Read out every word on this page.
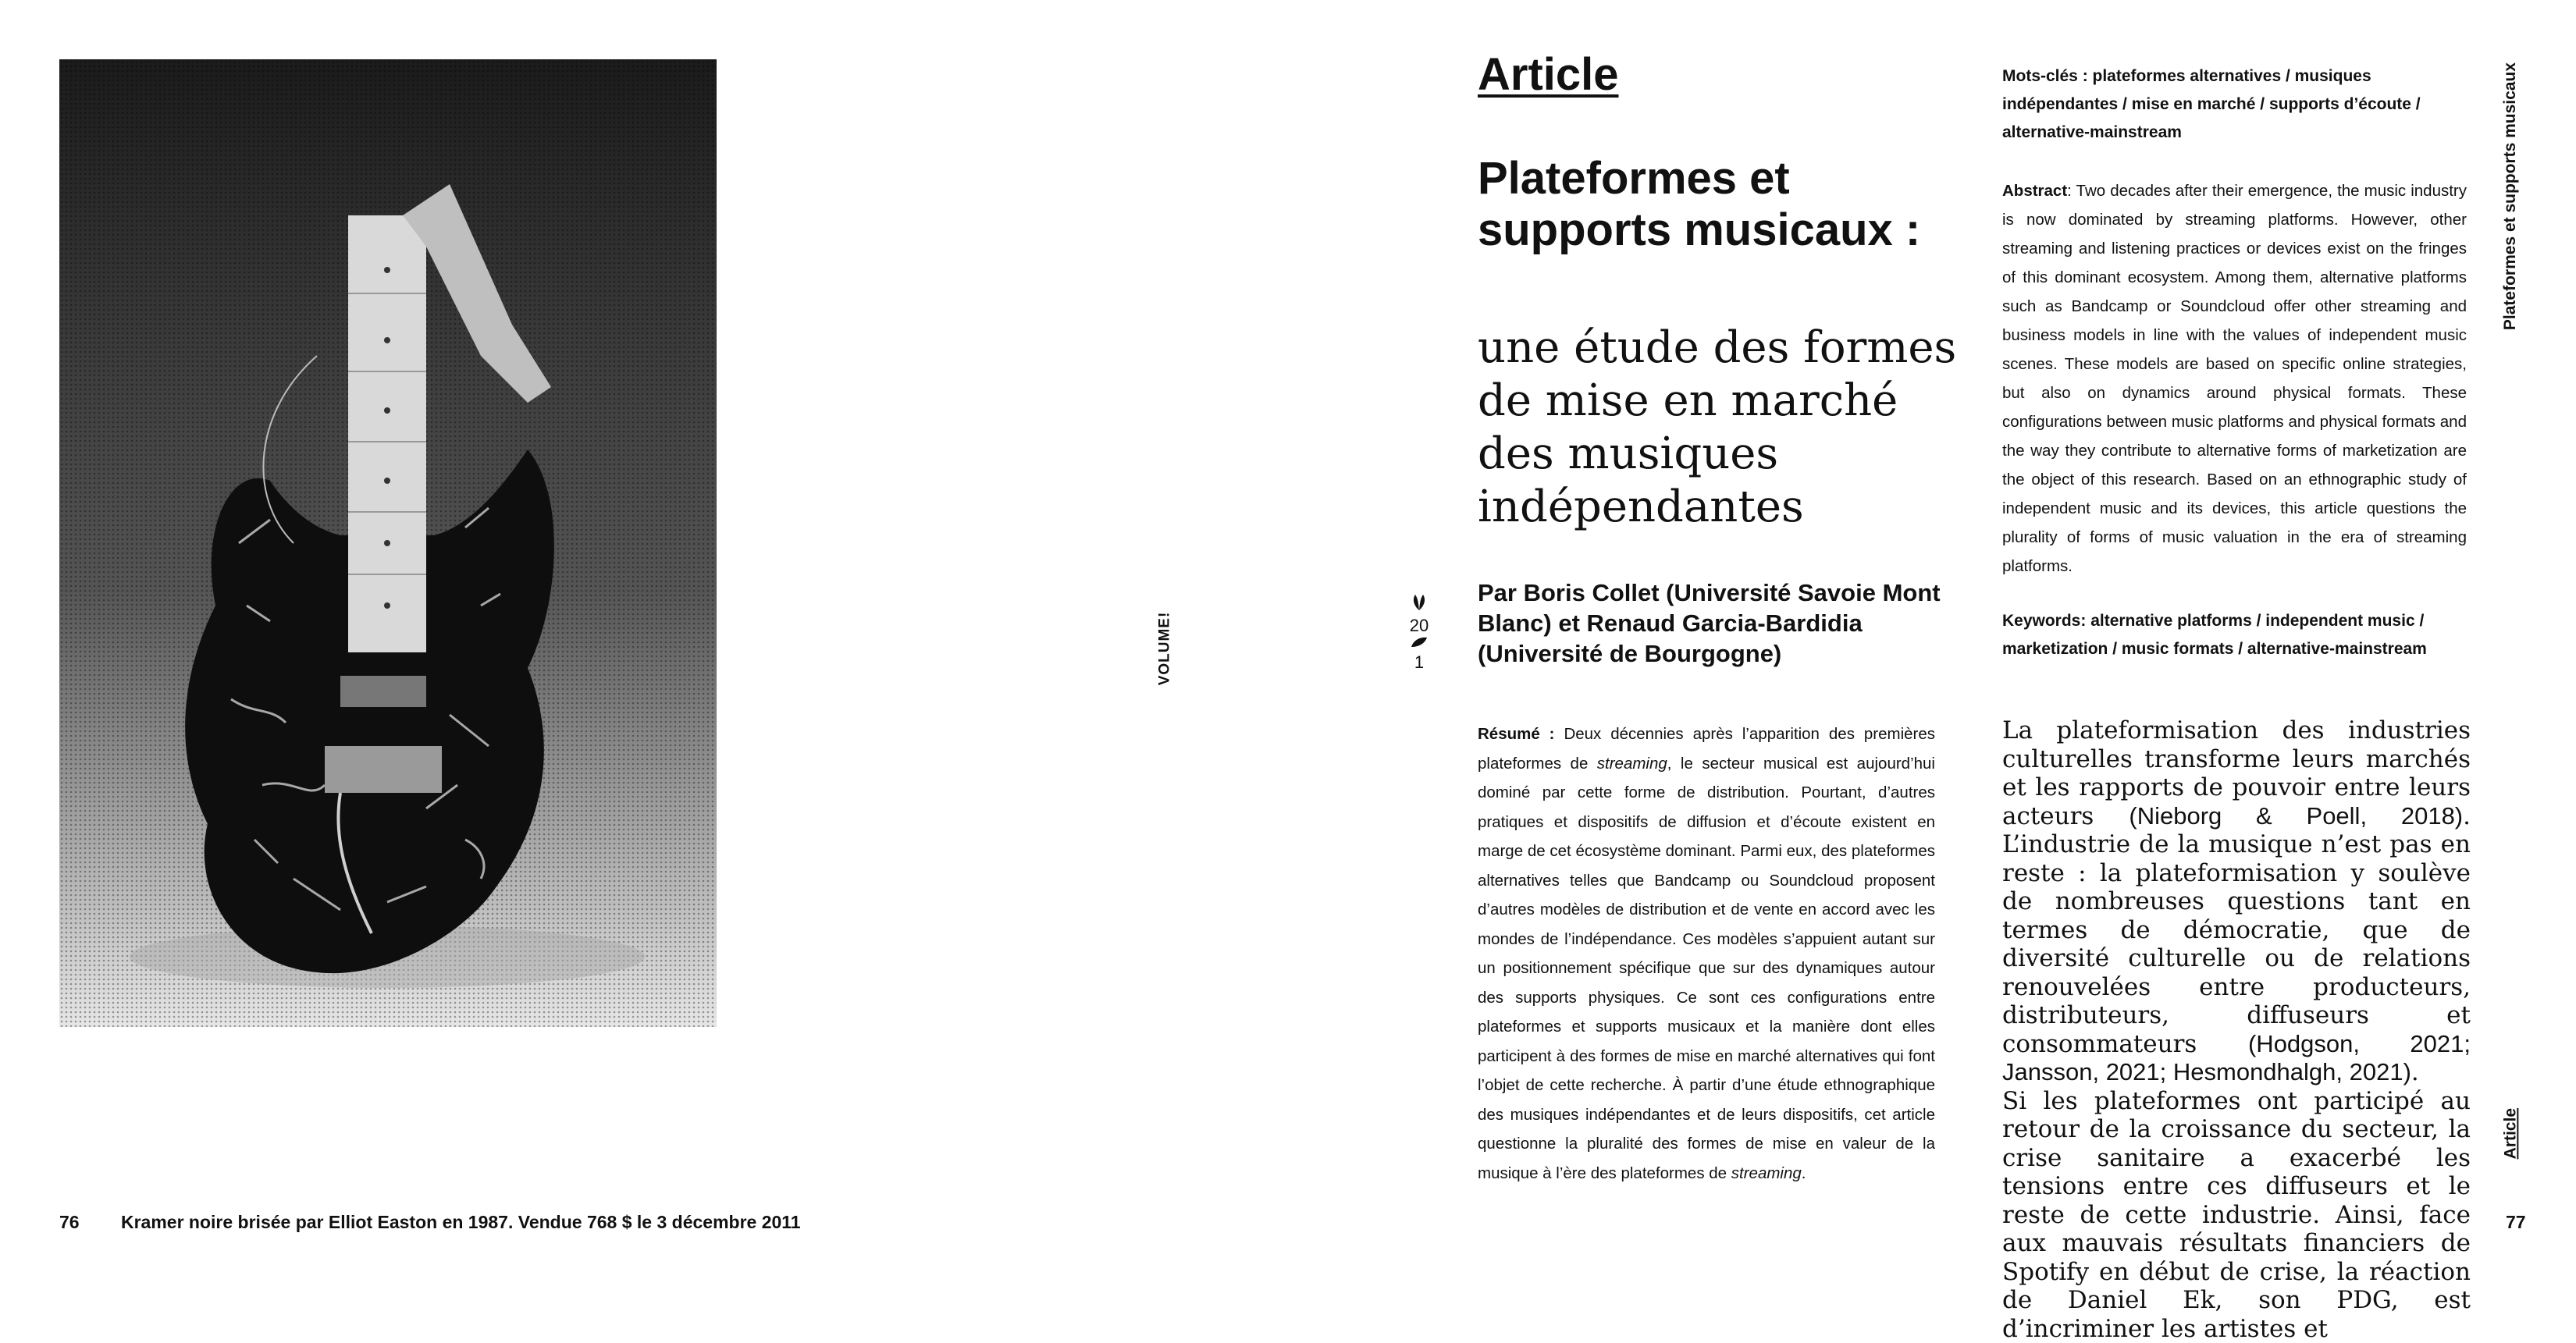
76 Kramer noire brisée par Elliot Easton en 1987. Vendue 768 $ le 3 décembre 2011
VOLUME!	20
1
Article
Plateformes et supports musicaux :
une étude des formes de mise en marché des musiques indépendantes
Par Boris Collet (Université Savoie Mont Blanc) et Renaud Garcia-Bardidia (Université de Bourgogne)
Résumé : Deux décennies après l’apparition des premières plateformes de streaming, le secteur musical est aujourd’hui dominé par cette forme de distribution. Pourtant, d’autres pratiques et dispositifs de diffusion et d’écoute existent en marge de cet écosystème dominant. Parmi eux, des plateformes alternatives telles que Bandcamp ou Soundcloud proposent d’autres modèles de distribution et de vente en accord avec les mondes de l’indépendance. Ces modèles s’appuient autant sur un positionnement spécifique que sur des dynamiques autour des supports physiques. Ce sont ces configurations entre plateformes et supports musicaux et la manière dont elles participent à des formes de mise en marché alternatives qui font l’objet de cette recherche. À partir d’une étude ethnographique des musiques indépendantes et de leurs dispositifs, cet article questionne la pluralité des formes de mise en valeur de la musique à l’ère des plateformes de streaming.
Mots-clés : plateformes alternatives / musiques indépendantes / mise en marché / supports d’écoute / alternative-mainstream
Abstract: Two decades after their emergence, the music industry is now dominated by streaming platforms. However, other streaming and listening practices or devices exist on the fringes of this dominant ecosystem. Among them, alternative platforms such as Bandcamp or Soundcloud offer other streaming and business models in line with the values of independent music scenes. These models are based on specific online strategies, but also on dynamics around physical formats. These configurations between music platforms and physical formats and the way they contribute to alternative forms of marketization are the object of this research. Based on an ethnographic study of independent music and its devices, this article questions the plurality of forms of music valuation in the era of streaming platforms.
Keywords: alternative platforms / independent music / marketization / music formats / alternative-mainstream
La plateformisation des industries culturelles transforme leurs marchés et les rapports de pouvoir entre leurs acteurs (Nieborg & Poell, 2018). L’industrie de la musique n’est pas en reste : la plateformisation y soulève de nombreuses questions tant en termes de démocratie, que de diversité culturelle ou de relations renouvelées entre producteurs, distributeurs, diffuseurs et consommateurs (Hodgson, 2021; Jansson, 2021; Hesmondhalgh, 2021).
Si les plateformes ont participé au retour de la croissance du secteur, la crise sanitaire a exacerbé les tensions entre ces diffuseurs et le reste de cette industrie. Ainsi, face aux mauvais résultats financiers de Spotify en début de crise, la réaction de Daniel Ek, son PDG, est d’incriminer les artistes et
Plateformes et supports musicaux
Article
77
